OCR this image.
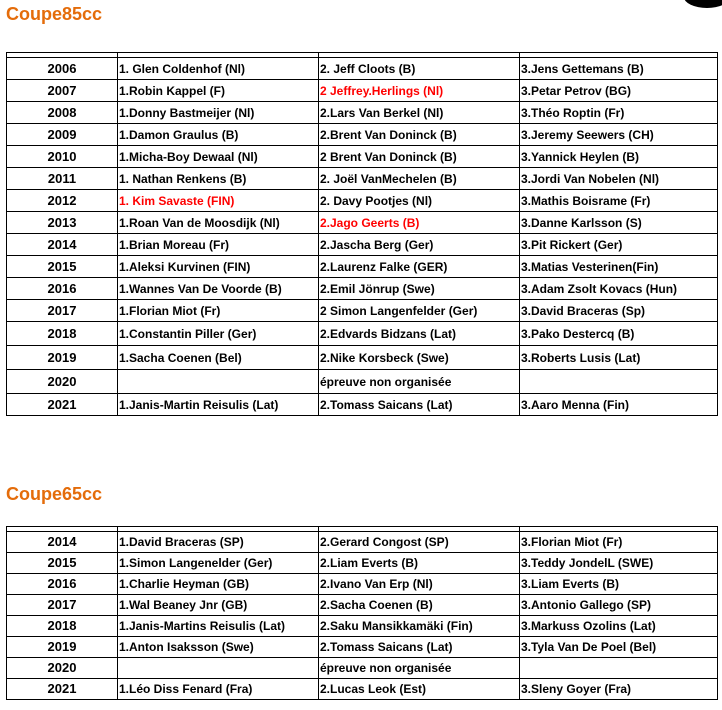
Coupe85cc

2006	1. Glen Coldenhof (Nl)	2. Jeff Cloots (B)	3.Jens Gettemans (B)
2007	1.Robin Kappel (F)	2 Jeffrey.Herlings (Nl)	3.Petar Petrov (BG)
2008	1.Donny Bastmeijer (Nl)	2.Lars Van Berkel (Nl)	3.Théo Roptin (Fr)
2009	1.Damon Graulus (B)	2.Brent Van Doninck (B)	3.Jeremy Seewers (CH)
2010	1.Micha-Boy Dewaal (Nl)	2 Brent Van Doninck (B)	3.Yannick Heylen (B)
2011	1. Nathan Renkens (B)	2. Joël VanMechelen (B)	3.Jordi Van Nobelen (Nl)
2012	1. Kim Savaste (FIN)	2. Davy Pootjes (Nl)	3.Mathis Boisrame (Fr)
2013	1.Roan Van de Moosdijk (Nl)	2.Jago Geerts (B)	3.Danne Karlsson (S)
2014	1.Brian Moreau (Fr)	2.Jascha Berg (Ger)	3.Pit Rickert (Ger)
2015	1.Aleksi Kurvinen (FIN)	2.Laurenz Falke (GER)	3.Matias Vesterinen(Fin)
2016	1.Wannes Van De Voorde (B)	2.Emil Jönrup (Swe)	3.Adam Zsolt Kovacs (Hun)
2017	1.Florian Miot (Fr)	2 Simon Langenfelder (Ger)	3.David Braceras (Sp)
2018	1.Constantin Piller (Ger)	2.Edvards Bidzans (Lat)	3.Pako Destercq (B)
2019	1.Sacha Coenen (Bel)	2.Nike Korsbeck (Swe)	3.Roberts Lusis (Lat)
2020		épreuve non organisée	
2021	1.Janis-Martin Reisulis (Lat)	2.Tomass Saicans (Lat)	3.Aaro Menna (Fin)
Coupe65cc

2014	1.David Braceras (SP)	2.Gerard Congost (SP)	3.Florian Miot (Fr)
2015	1.Simon Langenelder (Ger)	2.Liam Everts (B)	3.Teddy JondelL (SWE)
2016	1.Charlie Heyman (GB)	2.Ivano Van Erp (Nl)	3.Liam Everts (B)
2017	1.Wal Beaney Jnr (GB)	2.Sacha Coenen (B)	3.Antonio Gallego (SP)
2018	1.Janis-Martins Reisulis (Lat)	2.Saku Mansikkamäki (Fin)	3.Markuss Ozolins (Lat)
2019	1.Anton Isaksson (Swe)	2.Tomass Saicans (Lat)	3.Tyla Van De Poel (Bel)
2020		épreuve non organisée	
2021	1.Léo Diss Fenard (Fra)	2.Lucas Leok (Est)	3.Sleny Goyer (Fra)
